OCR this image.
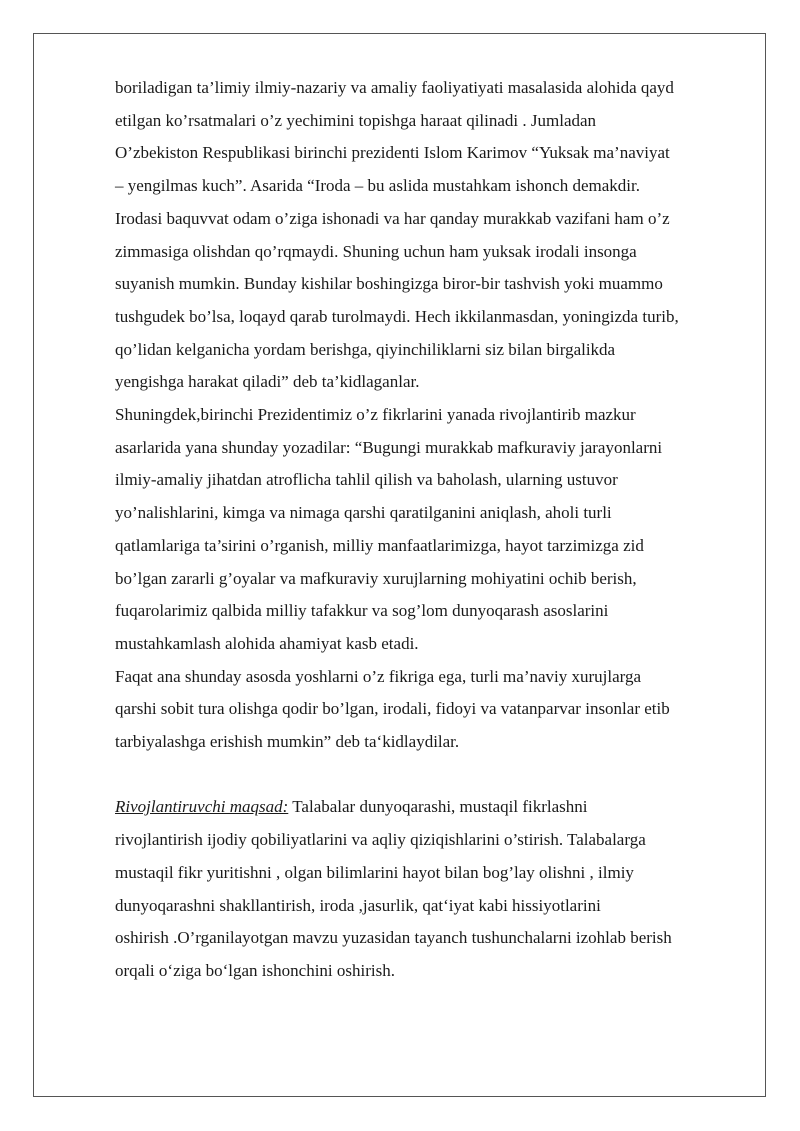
boriladigan ta’limiy ilmiy-nazariy va amaliy faoliyatiyati masalasida alohida qayd
etilgan ko’rsatmalari o’z yechimini topishga haraat qilinadi . Jumladan
O’zbekiston Respublikasi birinchi prezidenti Islom Karimov “Yuksak ma’naviyat
– yengilmas kuch”. Asarida “Iroda – bu aslida mustahkam ishonch demakdir.
Irodasi baquvvat odam o’ziga ishonadi va har qanday murakkab vazifani ham o’z
zimmasiga olishdan qo’rqmaydi. Shuning uchun ham yuksak irodali insonga
suyanish mumkin. Bunday kishilar boshingizga biror-bir tashvish yoki muammo
tushgudek bo’lsa, loqayd qarab turolmaydi. Hech ikkilanmasdan, yoningizda turib,
qo’lidan kelganicha yordam berishga, qiyinchiliklarni siz bilan birgalikda
yengishga harakat qiladi” deb ta’kidlaganlar.

Shuningdek,birinchi Prezidentimiz o’z fikrlarini yanada rivojlantirib mazkur
asarlarida yana shunday yozadilar: “Bugungi murakkab mafkuraviy jarayonlarni
ilmiy-amaliy jihatdan atroflicha tahlil qilish va baholash, ularning ustuvor
yo’nalishlarini, kimga va nimaga qarshi qaratilganini aniqlash, aholi turli
qatlamlariga ta’sirini o’rganish, milliy manfaatlarimizga, hayot tarzimizga zid
bo’lgan zararli g’oyalar va mafkuraviy xurujlarning mohiyatini ochib berish,
fuqarolarimiz qalbida milliy tafakkur va sog’lom dunyoqarash asoslarini
mustahkamlash alohida ahamiyat kasb etadi.

Faqat ana shunday asosda yoshlarni o’z fikriga ega, turli ma’naviy xurujlarga
qarshi sobit tura olishga qodir bo’lgan, irodali, fidoyi va vatanparvar insonlar etib
tarbiyalashga erishish mumkin” deb ta‘kidlaydilar.

Rivojlantiruvchi maqsad: Talabalar dunyoqarashi, mustaqil fikrlashni
rivojlantirish ijodiy qobiliyatlarini va aqliy qiziqishlarini o’stirish. Talabalarga
mustaqil fikr yuritishni , olgan bilimlarini hayot bilan bog’lay olishni , ilmiy
dunyoqarashni shakllantirish, iroda ,jasurlik, qat‘iyat kabi hissiyotlarini
oshirish .O’rganilayotgan mavzu yuzasidan tayanch tushunchalarni izohlab berish
orqali o‘ziga bo‘lgan ishonchini oshirish.
